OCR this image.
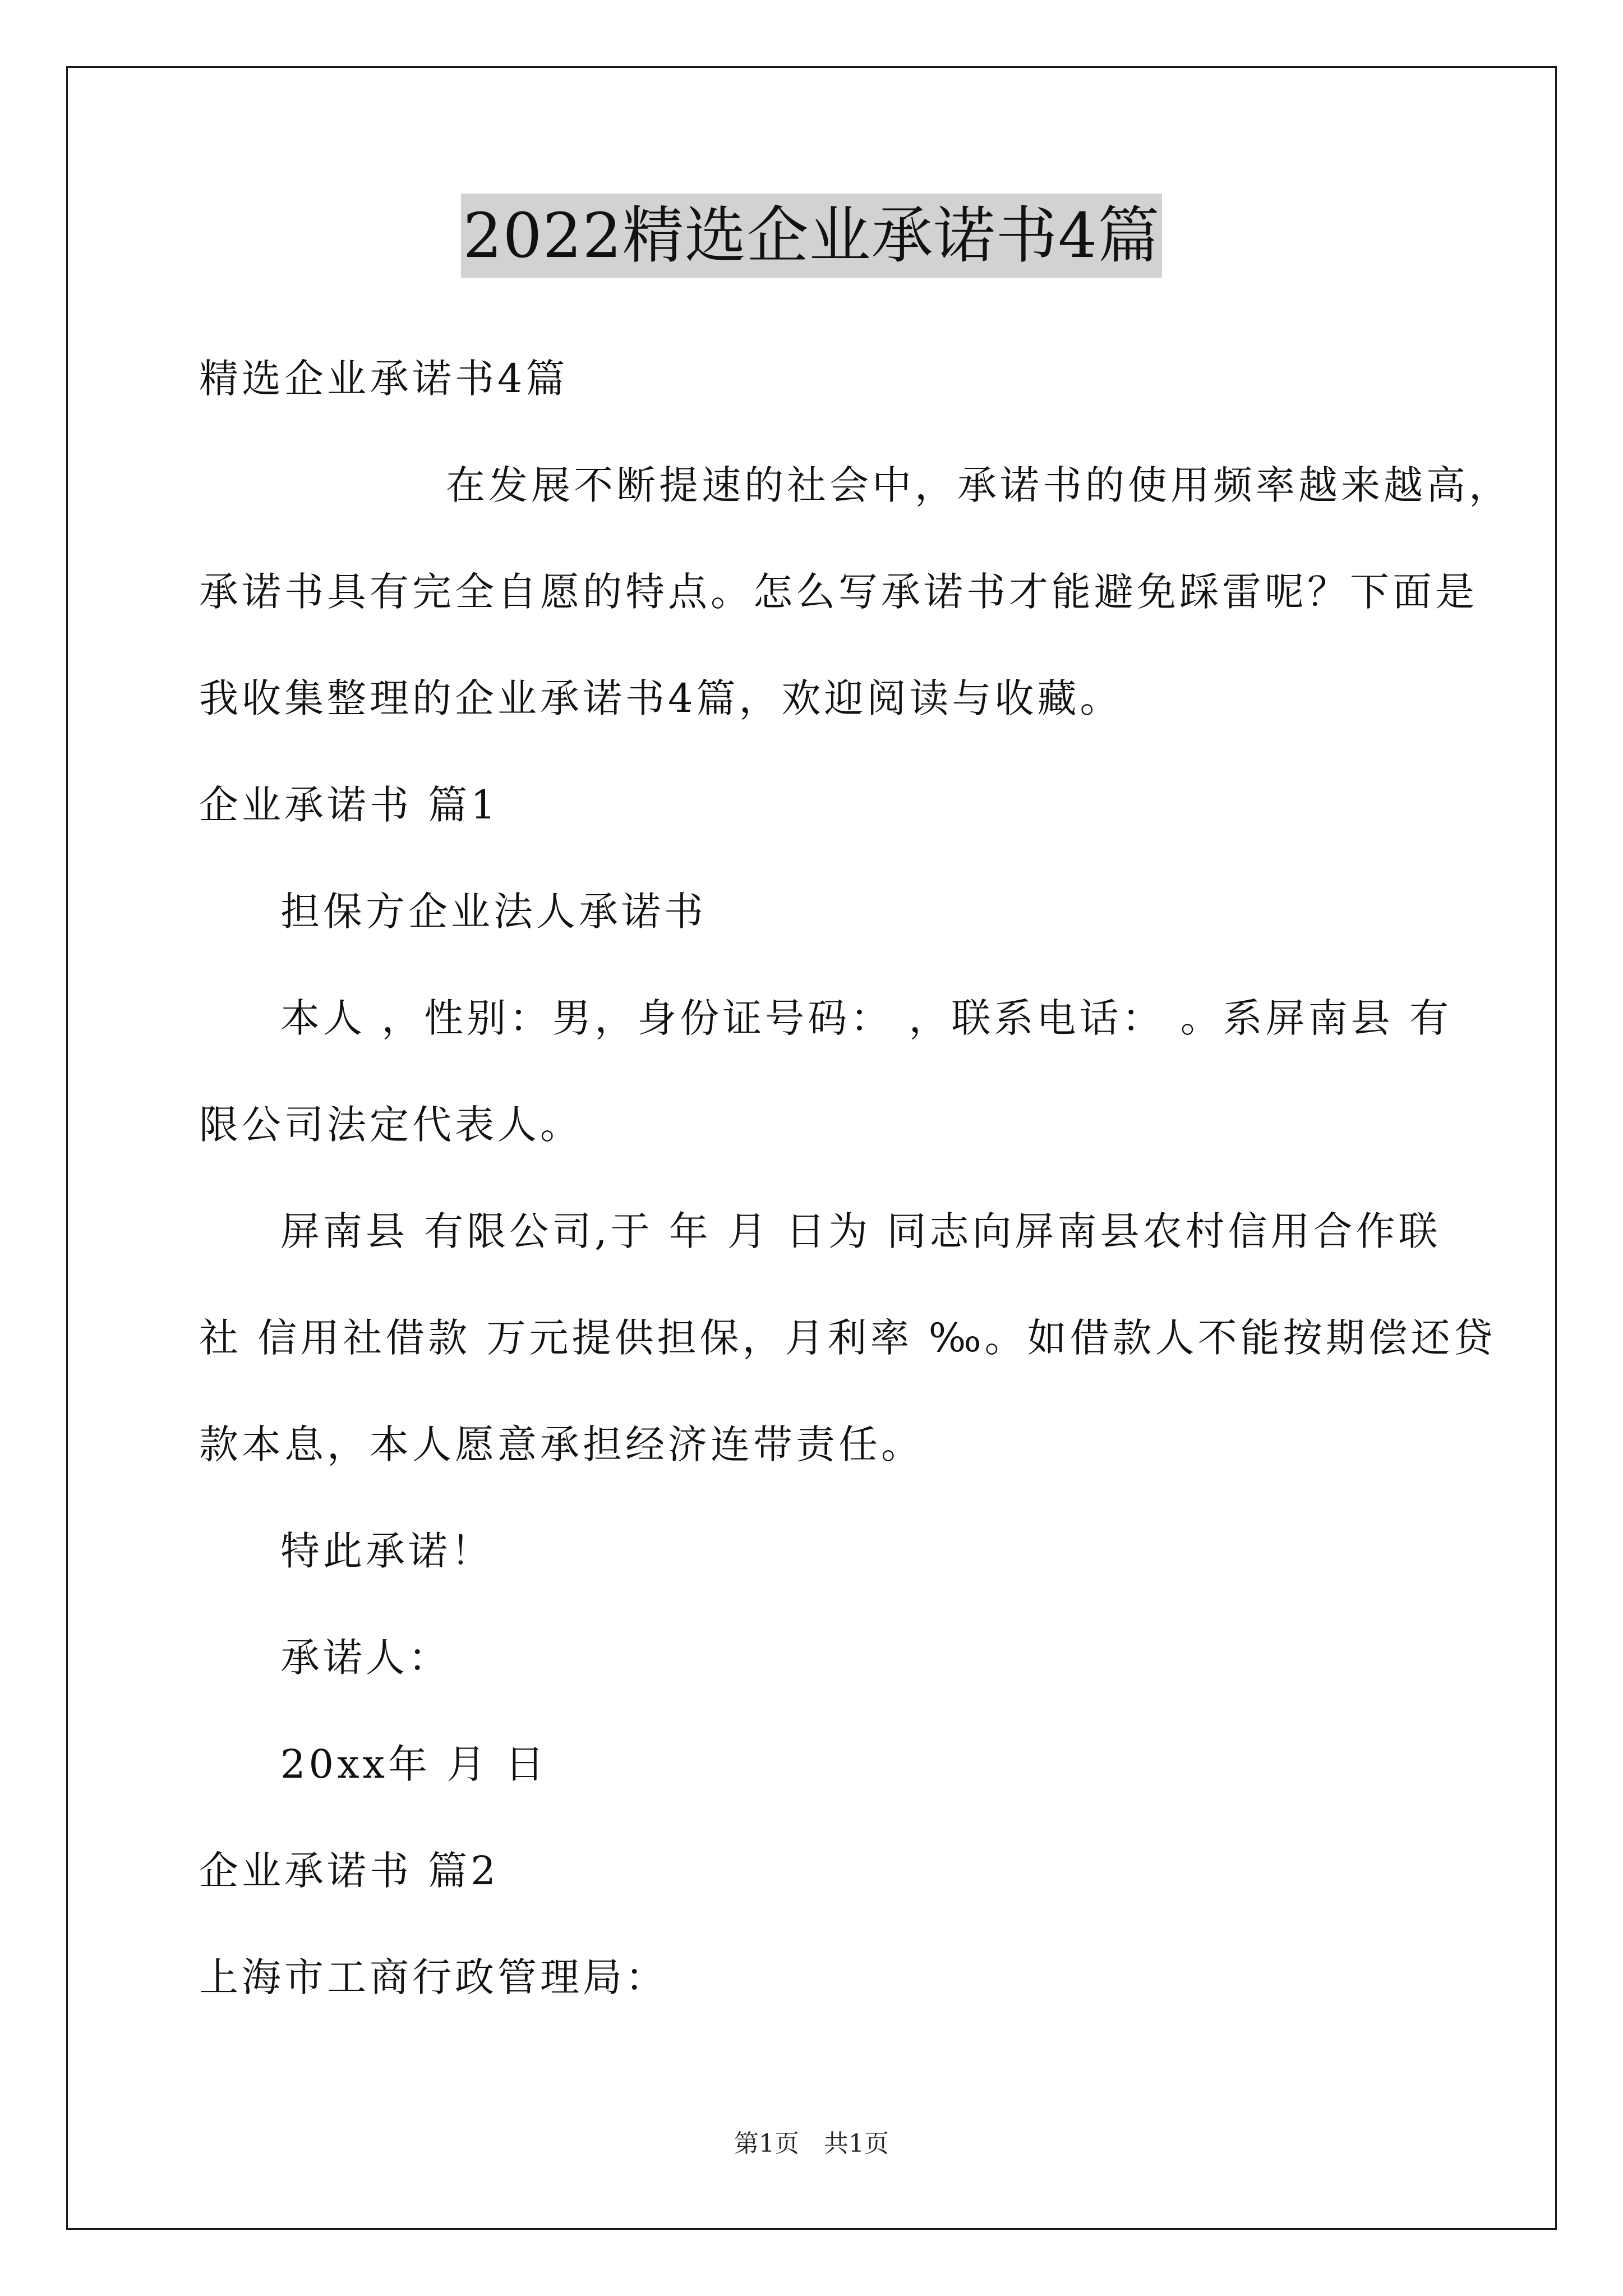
2022精选企业承诺书4篇
精选企业承诺书4篇
在发展不断提速的社会中，承诺书的使用频率越来越高，
承诺书具有完全自愿的特点。怎么写承诺书才能避免踩雷呢？下面是
我收集整理的企业承诺书4篇，欢迎阅读与收藏。
企业承诺书 篇1
担保方企业法人承诺书
本人 ，性别：男，身份证号码： ，联系电话： 。系屏南县 有
限公司法定代表人。
屏南县 有限公司,于 年 月 日为 同志向屏南县农村信用合作联
社 信用社借款 万元提供担保，月利率 ‰。如借款人不能按期偿还贷
款本息，本人愿意承担经济连带责任。
特此承诺！
承诺人：
20xx年 月 日
企业承诺书 篇2
上海市工商行政管理局：
第1页　共1页
